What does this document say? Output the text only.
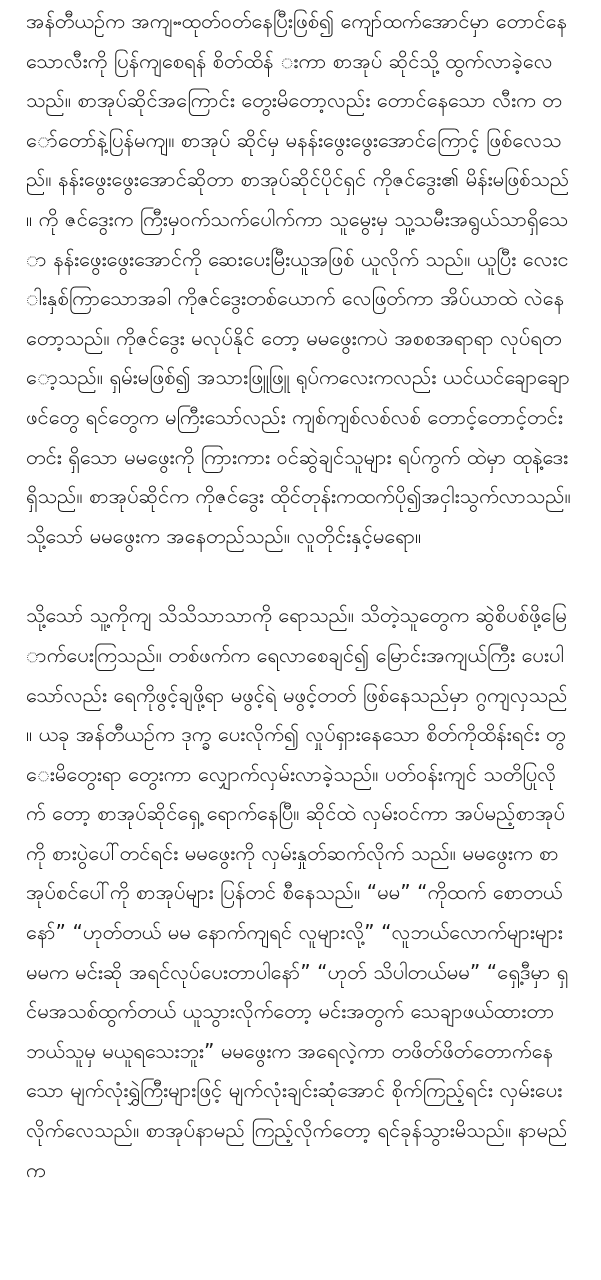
အန်တီယဉ်က အကျႌထုတ်ဝတ်နေပြီးဖြစ်၍ ကျော်ထက်အောင်မှာ တောင်နေသောလီးကို ပြန်ကျစေရန် စိတ်ထိန် းကာ စာအုပ် ဆိုင်သို့ ထွက်လာခဲ့လေသည်။ စာအုပ်ဆိုင်အကြောင်း တွေးမိတော့လည်း တောင်နေသော လီးက တော်တော်နဲ့ပြန်မကျ။ စာအုပ် ဆိုင်မှ မနန်းဖွေးဖွေးအောင်ကြောင့် ဖြစ်လေသည်။ နန်းဖွေးဖွေးအောင်ဆိုတာ စာအုပ်ဆိုင်ပိုင်ရှင် ကိုဇင်ဒွေး၏ မိန်းမဖြစ်သည်။ ကို ဇင်ဒွေးက ကြီးမှဝက်သက်ပေါက်ကာ သူမွေးမှ သူ့သမီးအရွယ်သာရှိသော နန်းဖွေးဖွေးအောင်ကို ဆေးပေးမြီးယူအဖြစ် ယူလိုက် သည်။ ယူပြီး လေးငါးနှစ်ကြာသောအခါ ကိုဇင်ဒွေးတစ်ယောက် လေဖြတ်ကာ အိပ်ယာထဲ လဲနေတော့သည်။ ကိုဇင်ဒွေး မလုပ်နိုင် တော့ မမဖွေးကပဲ အစစအရာရာ လုပ်ရတော့သည်။ ရှမ်းမဖြစ်၍ အသားဖြူဖြူ ရုပ်ကလေးကလည်း ယင်ယင်ချောချော ဖင်တွေ ရင်တွေက မကြီးသော်လည်း ကျစ်ကျစ်လစ်လစ် တောင့်တောင့်တင်းတင်း ရှိသော မမဖွေးကို ကြားကား ဝင်ဆွဲချင်သူများ ရပ်ကွက် ထဲမှာ ထုနဲ့ဒေးရှိသည်။ စာအုပ်ဆိုင်က ကိုဇင်ဒွေး ထိုင်တုန်းကထက်ပို၍အငှါးသွက်လာသည်။ သို့သော် မမဖွေးက အနေတည်သည်။ လူတိုင်းနှင့်မရော။

သို့သော် သူ့ကိုကျ သိသိသာသာကို ရောသည်။ သိတဲ့သူတွေက ဆွဲစိပစ်ဖို့မြောက်ပေးကြသည်။ တစ်ဖက်က ရေလာစေချင်၍ မြောင်းအကျယ်ကြီး ပေးပါသော်လည်း ရေကိုဖွင့်ချဖို့ရာ မဖွင့်ရဲ မဖွင့်တတ် ဖြစ်နေသည်မှာ ဂွကျလှသည်။ ယခု အန်တီယဉ်က ဒုက္ခ ပေးလိုက်၍ လှုပ်ရှားနေသော စိတ်ကိုထိန်းရင်း တွေးမိတွေးရာ တွေးကာ လျှောက်လှမ်းလာခဲ့သည်။ ပတ်ဝန်းကျင် သတိပြုလိုက် တော့ စာအုပ်ဆိုင်ရှေ့ ရောက်နေပြီ။ ဆိုင်ထဲ လှမ်းဝင်ကာ အပ်မည့်စာအုပ်ကို စားပွဲပေါ်တင်ရင်း မမဖွေးကို လှမ်းနှုတ်ဆက်လိုက် သည်။ မမဖွေးက စာအုပ်စင်ပေါ်ကို စာအုပ်များ ပြန်တင် စီနေသည်။ “မမ” “ကိုထက် စောတယ်နော်” “ဟုတ်တယ် မမ နောက်ကျရင် လူများလို့” “လူဘယ်လောက်များများ မမက မင်းဆို အရင်လုပ်ပေးတာပါနော်” “ဟုတ် သိပါတယ်မမ” “ရှေ့ဒီမှာ ရှင်မအသစ်ထွက်တယ် ယူသွားလိုက်တော့ မင်းအတွက် သေချာဖယ်ထားတာ ဘယ်သူမှ မယူရသေးဘူး” မမဖွေးက အရေလဲ့ကာ တဖိတ်ဖိတ်တောက်နေသော မျက်လုံးရွှဲကြီးများဖြင့် မျက်လုံးချင်းဆုံအောင် စိုက်ကြည့်ရင်း လှမ်းပေးလိုက်လေသည်။ စာအုပ်နာမည် ကြည့်လိုက်တော့ ရင်ခုန်သွားမိသည်။ နာမည်က
